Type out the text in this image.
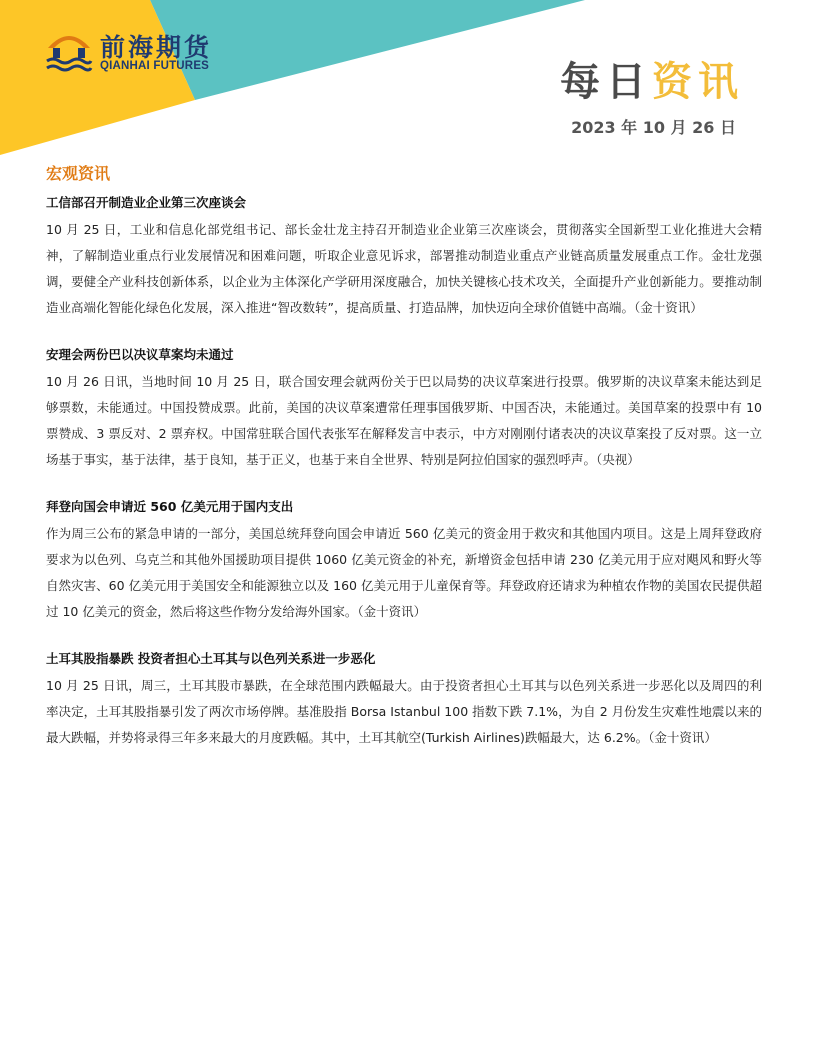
前海期货
QIANHAI FUTURES	每日资讯
2023 年 10 月 26 日
宏观资讯
工信部召开制造业企业第三次座谈会
10 月 25 日，工业和信息化部党组书记、部长金壮龙主持召开制造业企业第三次座谈会，贯彻落实全国新型工业化推进大会精神，了解制造业重点行业发展情况和困难问题，听取企业意见诉求，部署推动制造业重点产业链高质量发展重点工作。金壮龙强调，要健全产业科技创新体系，以企业为主体深化产学研用深度融合，加快关键核心技术攻关，全面提升产业创新能力。要推动制造业高端化智能化绿色化发展，深入推进“智改数转”，提高质量、打造品牌，加快迈向全球价值链中高端。（金十资讯）
安理会两份巴以决议草案均未通过
10 月 26 日讯，当地时间 10 月 25 日，联合国安理会就两份关于巴以局势的决议草案进行投票。俄罗斯的决议草案未能达到足够票数，未能通过。中国投赞成票。此前，美国的决议草案遭常任理事国俄罗斯、中国否决，未能通过。美国草案的投票中有 10 票赞成、3 票反对、2 票弃权。中国常驻联合国代表张军在解释发言中表示，中方对刚刚付诸表决的决议草案投了反对票。这一立场基于事实，基于法律，基于良知，基于正义，也基于来自全世界、特别是阿拉伯国家的强烈呼声。（央视）
拜登向国会申请近 560 亿美元用于国内支出
作为周三公布的紧急申请的一部分，美国总统拜登向国会申请近 560 亿美元的资金用于救灾和其他国内项目。这是上周拜登政府要求为以色列、乌克兰和其他外国援助项目提供 1060 亿美元资金的补充，新增资金包括申请 230 亿美元用于应对飓风和野火等自然灾害、60 亿美元用于美国安全和能源独立以及 160 亿美元用于儿童保育等。拜登政府还请求为种植农作物的美国农民提供超过 10 亿美元的资金，然后将这些作物分发给海外国家。（金十资讯）
土耳其股指暴跌 投资者担心土耳其与以色列关系进一步恶化
10 月 25 日讯，周三，土耳其股市暴跌，在全球范围内跌幅最大。由于投资者担心土耳其与以色列关系进一步恶化以及周四的利率决定，土耳其股指暴引发了两次市场停牌。基准股指 Borsa Istanbul 100 指数下跌 7.1%，为自 2 月份发生灾难性地震以来的最大跌幅，并势将录得三年多来最大的月度跌幅。其中，土耳其航空(Turkish Airlines)跌幅最大，达 6.2%。（金十资讯）
